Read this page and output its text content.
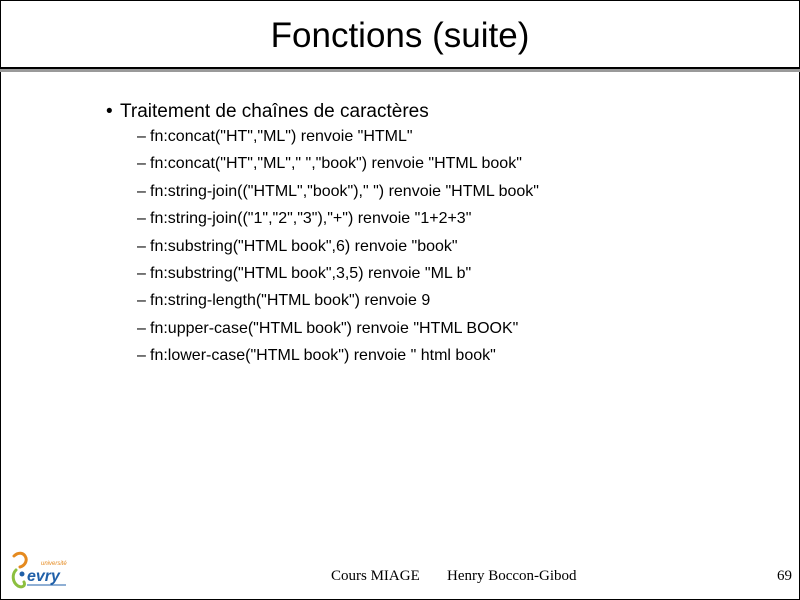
Fonctions (suite)
• Traitement de chaînes de caractères
– fn:concat("HT","ML") renvoie "HTML"
– fn:concat("HT","ML"," ","book") renvoie "HTML book"
– fn:string-join(("HTML","book")," ") renvoie "HTML book"
– fn:string-join(("1","2","3"),"+") renvoie "1+2+3"
– fn:substring("HTML book",6) renvoie "book"
– fn:substring("HTML book",3,5) renvoie "ML b"
– fn:string-length("HTML book") renvoie 9
– fn:upper-case("HTML book") renvoie "HTML BOOK"
– fn:lower-case("HTML book") renvoie " html book"
université
evry	Cours MIAGE Henry Boccon-Gibod	69
